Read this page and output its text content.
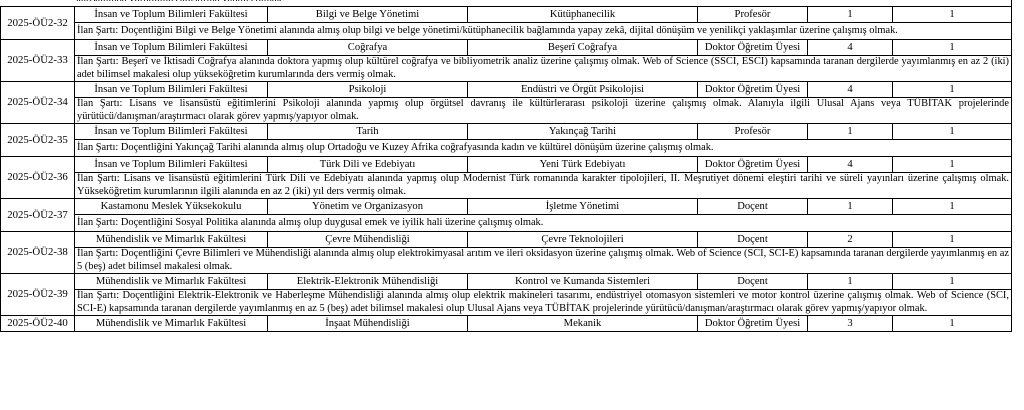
2025-ÖÜ2-32	İnsan ve Toplum Bilimleri Fakültesi	Bilgi ve Belge Yönetimi	Kütüphanecilik	Profesör	1	1
	İlan Şartı: Doçentliğini Bilgi ve Belge Yönetimi alanında almış olup bilgi ve belge yönetimi/kütüphanecilik bağlamında yapay zekâ, dijital dönüşüm ve yenilikçi yaklaşımlar üzerine çalışmış olmak.					
2025-ÖÜ2-33	İnsan ve Toplum Bilimleri Fakültesi	Coğrafya	Beşerî Coğrafya	Doktor Öğretim Üyesi	4	1
	İlan Şartı: Beşerî ve İktisadi Coğrafya alanında doktora yapmış olup kültürel coğrafya ve bibliyometrik analiz üzerine çalışmış olmak. Web of Science (SSCI, ESCI) kapsamında taranan dergilerde yayımlanmış en az 2 (iki) adet bilimsel makalesi olup yükseköğretim kurumlarında ders vermiş olmak.					
2025-ÖÜ2-34	İnsan ve Toplum Bilimleri Fakültesi	Psikoloji	Endüstri ve Örgüt Psikolojisi	Doktor Öğretim Üyesi	4	1
	İlan Şartı: Lisans ve lisansüstü eğitimlerini Psikoloji alanında yapmış olup örgütsel davranış ile kültürlerarası psikoloji üzerine çalışmış olmak. Alanıyla ilgili Ulusal Ajans veya TÜBİTAK projelerinde yürütücü/danışman/araştırmacı olarak görev yapmış/yapıyor olmak.					
2025-ÖÜ2-35	İnsan ve Toplum Bilimleri Fakültesi	Tarih	Yakınçağ Tarihi	Profesör	1	1
	İlan Şartı: Doçentliğini Yakınçağ Tarihi alanında almış olup Ortadoğu ve Kuzey Afrika coğrafyasında kadın ve kültürel dönüşüm üzerine çalışmış olmak.					
2025-ÖÜ2-36	İnsan ve Toplum Bilimleri Fakültesi	Türk Dili ve Edebiyatı	Yeni Türk Edebiyatı	Doktor Öğretim Üyesi	4	1
	İlan Şartı: Lisans ve lisansüstü eğitimlerini Türk Dili ve Edebiyatı alanında yapmış olup Modernist Türk romanında karakter tipolojileri, II. Meşrutiyet dönemi eleştiri tarihi ve süreli yayınları üzerine çalışmış olmak. Yükseköğretim kurumlarının ilgili alanında en az 2 (iki) yıl ders vermiş olmak.					
2025-ÖÜ2-37	Kastamonu Meslek Yüksekokulu	Yönetim ve Organizasyon	İşletme Yönetimi	Doçent	1	1
	İlan Şartı: Doçentliğini Sosyal Politika alanında almış olup duygusal emek ve iyilik hali üzerine çalışmış olmak.					
2025-ÖÜ2-38	Mühendislik ve Mimarlık Fakültesi	Çevre Mühendisliği	Çevre Teknolojileri	Doçent	2	1
	İlan Şartı: Doçentliğini Çevre Bilimleri ve Mühendisliği alanında almış olup elektrokimyasal arıtım ve ileri oksidasyon üzerine çalışmış olmak. Web of Science (SCI, SCI-E) kapsamında taranan dergilerde yayımlanmış en az 5 (beş) adet bilimsel makalesi olmak.					
2025-ÖÜ2-39	Mühendislik ve Mimarlık Fakültesi	Elektrik-Elektronik Mühendisliği	Kontrol ve Kumanda Sistemleri	Doçent	1	1
	İlan Şartı: Doçentliğini Elektrik-Elektronik ve Haberleşme Mühendisliği alanında almış olup elektrik makineleri tasarımı, endüstriyel otomasyon sistemleri ve motor kontrol üzerine çalışmış olmak. Web of Science (SCI, SCI-E) kapsamında taranan dergilerde yayımlanmış en az 5 (beş) adet bilimsel makalesi olup Ulusal Ajans veya TÜBİTAK projelerinde yürütücü/danışman/araştırmacı olarak görev yapmış/yapıyor olmak.					
2025-ÖÜ2-40	Mühendislik ve Mimarlık Fakültesi	İnşaat Mühendisliği	Mekanik	Doktor Öğretim Üyesi	3	1
